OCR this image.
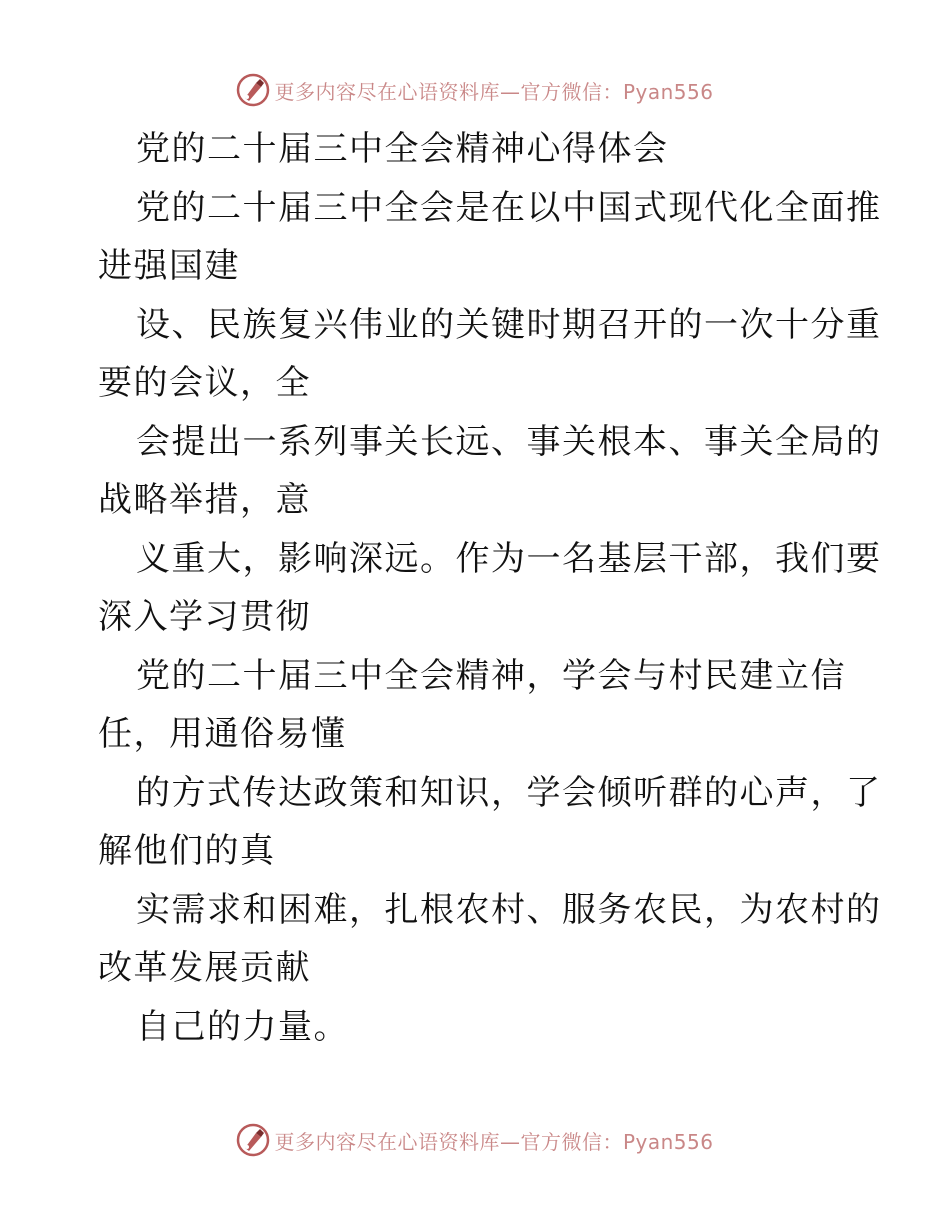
更多内容尽在心语资料库—官方微信：Pyan556
党的二十届三中全会精神心得体会
党的二十届三中全会是在以中国式现代化全面推
进强国建
设、民族复兴伟业的关键时期召开的一次十分重
要的会议，全
会提出一系列事关长远、事关根本、事关全局的
战略举措，意
义重大，影响深远。作为一名基层干部，我们要
深入学习贯彻
党的二十届三中全会精神，学会与村民建立信
任，用通俗易懂
的方式传达政策和知识，学会倾听群的心声，了
解他们的真
实需求和困难，扎根农村、服务农民，为农村的
改革发展贡献
自己的力量。
更多内容尽在心语资料库—官方微信：Pyan556
